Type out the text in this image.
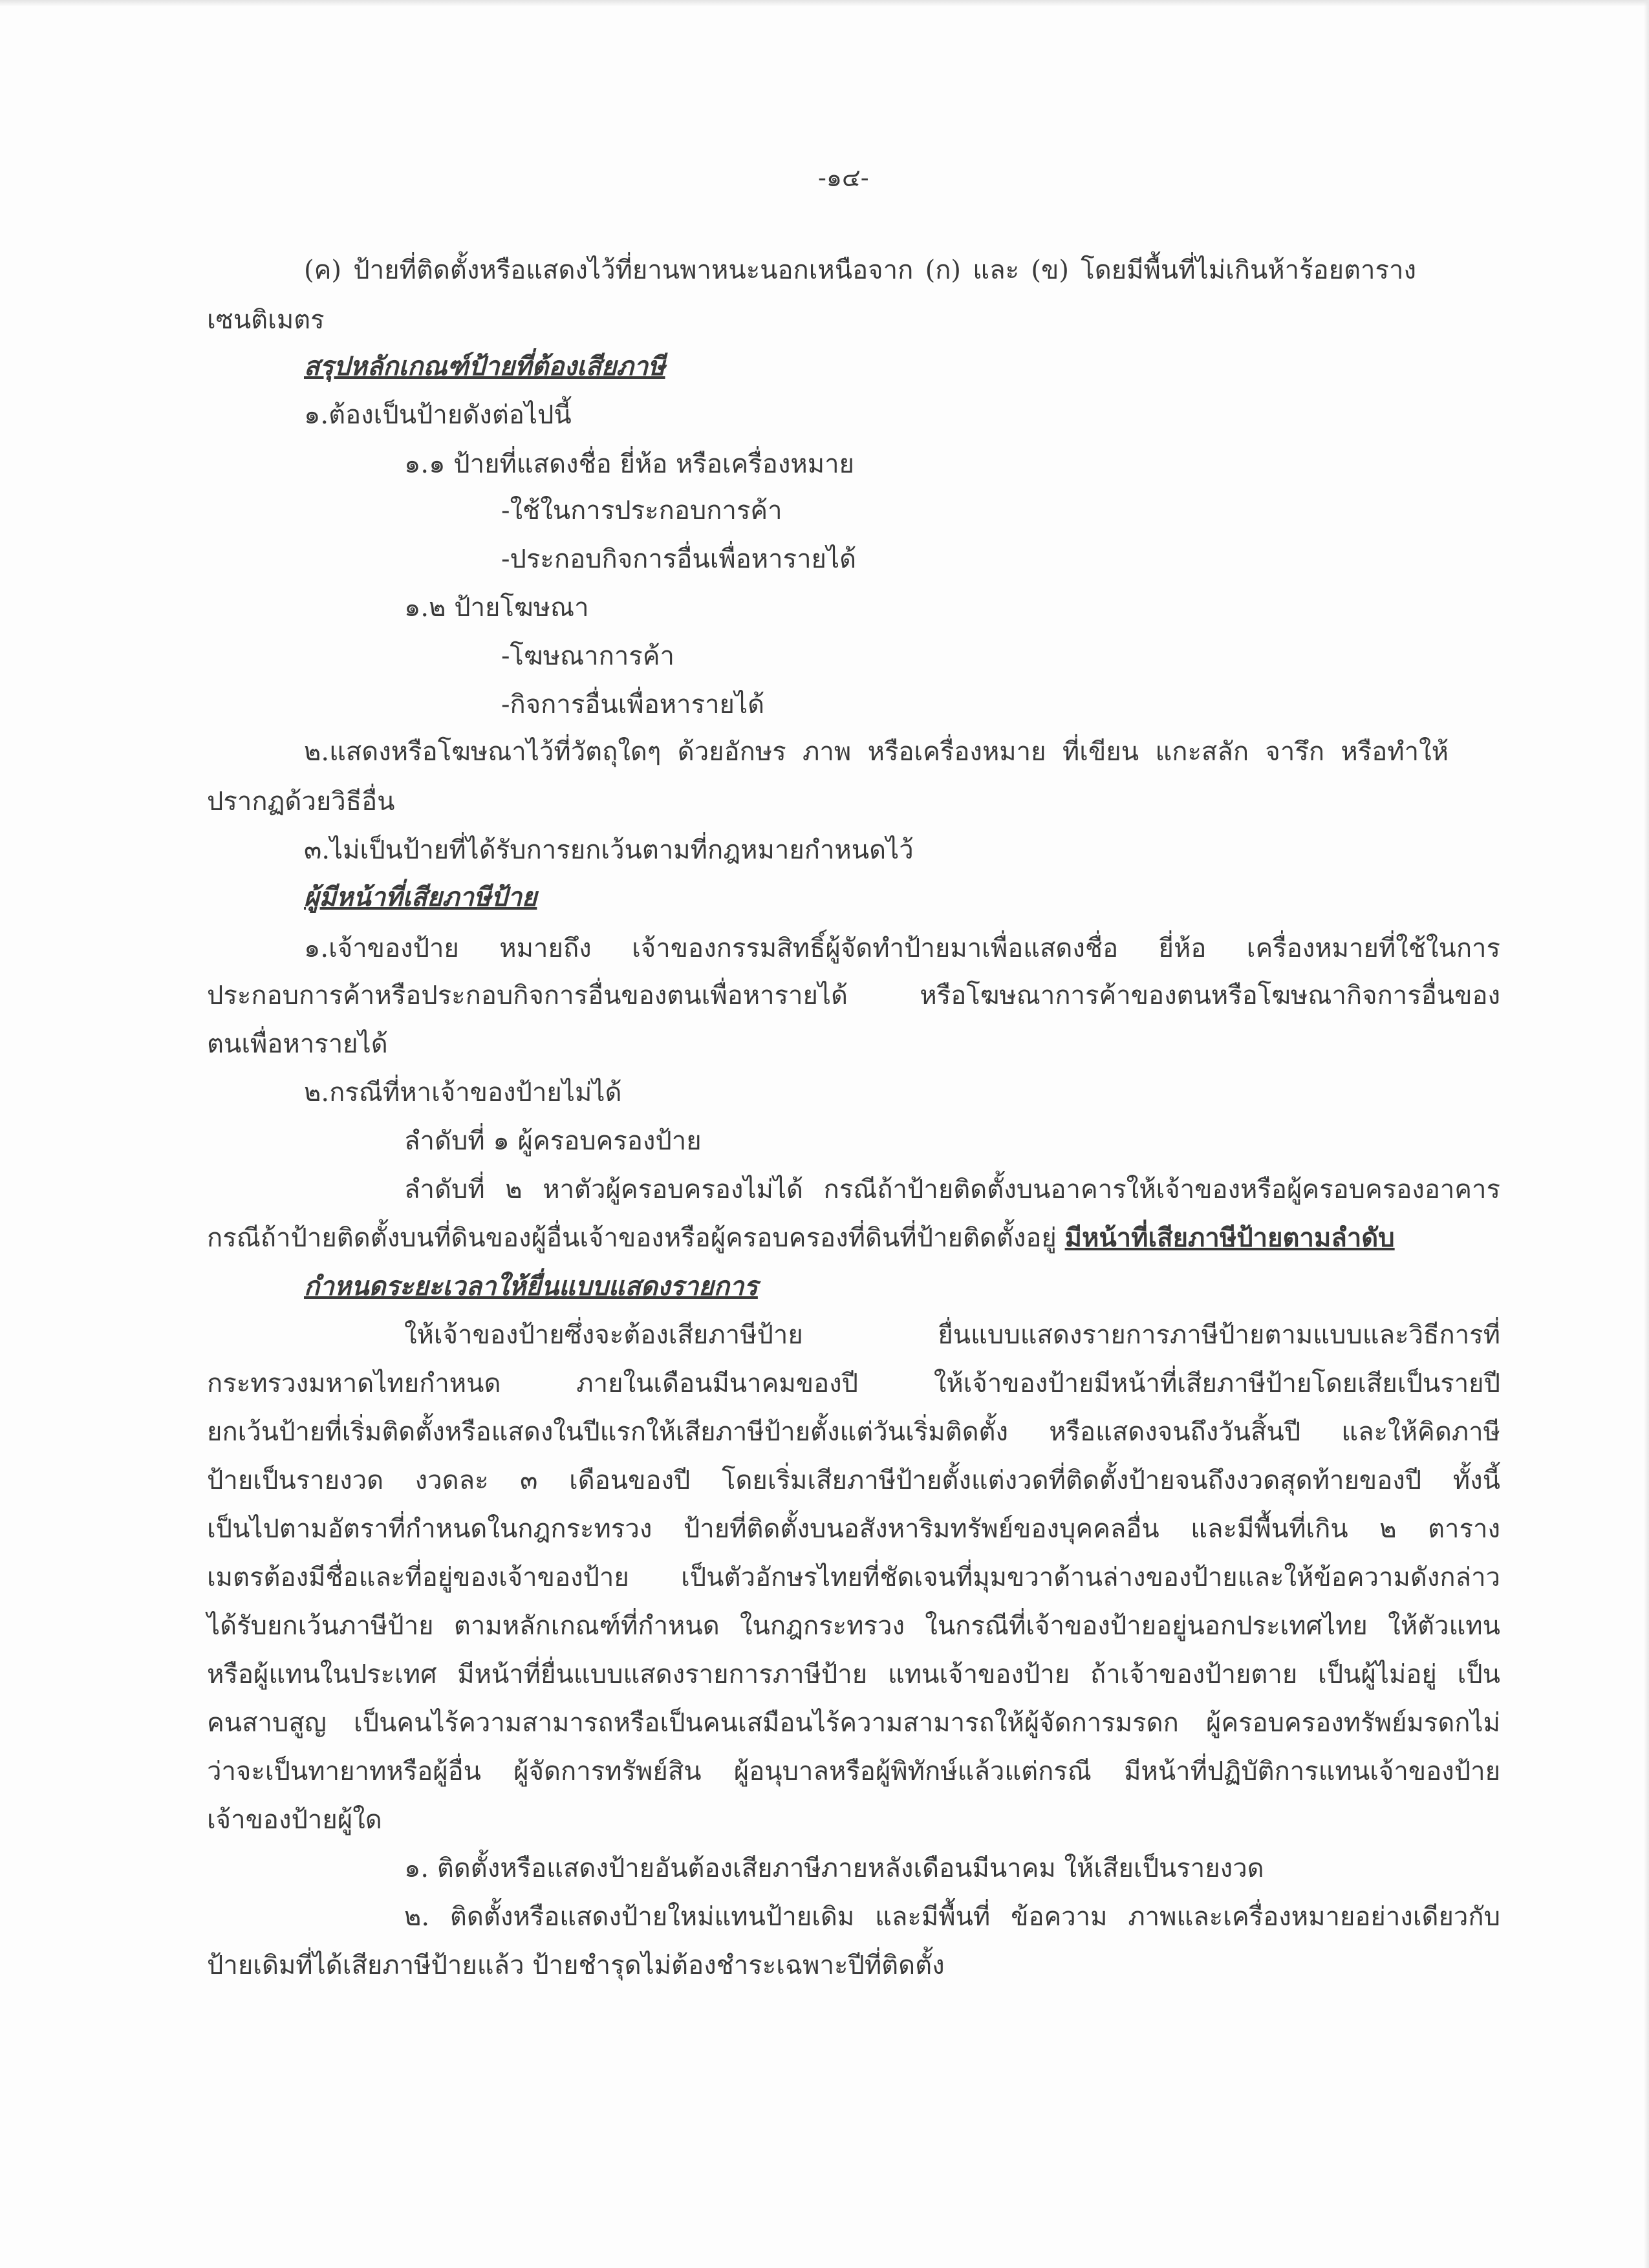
-๑๔-
(ค) ป้ายที่ติดตั้งหรือแสดงไว้ที่ยานพาหนะนอกเหนือจาก (ก) และ (ข) โดยมีพื้นที่ไม่เกินห้าร้อยตาราง
เซนติเมตร
สรุปหลักเกณฑ์ป้ายที่ต้องเสียภาษี
๑.ต้องเป็นป้ายดังต่อไปนี้
๑.๑ ป้ายที่แสดงชื่อ ยี่ห้อ หรือเครื่องหมาย
-ใช้ในการประกอบการค้า
-ประกอบกิจการอื่นเพื่อหารายได้
๑.๒ ป้ายโฆษณา
-โฆษณาการค้า
-กิจการอื่นเพื่อหารายได้
๒.แสดงหรือโฆษณาไว้ที่วัตถุใดๆ ด้วยอักษร ภาพ หรือเครื่องหมาย ที่เขียน แกะสลัก จารึก หรือทำให้
ปรากฏด้วยวิธีอื่น
๓.ไม่เป็นป้ายที่ได้รับการยกเว้นตามที่กฎหมายกำหนดไว้
ผู้มีหน้าที่เสียภาษีป้าย
๑.เจ้าของป้าย หมายถึง เจ้าของกรรมสิทธิ์ผู้จัดทำป้ายมาเพื่อแสดงชื่อ ยี่ห้อ เครื่องหมายที่ใช้ในการ
ประกอบการค้าหรือประกอบกิจการอื่นของตนเพื่อหารายได้ หรือโฆษณาการค้าของตนหรือโฆษณากิจการอื่นของ
ตนเพื่อหารายได้
๒.กรณีที่หาเจ้าของป้ายไม่ได้
ลำดับที่ ๑ ผู้ครอบครองป้าย
ลำดับที่ ๒ หาตัวผู้ครอบครองไม่ได้ กรณีถ้าป้ายติดตั้งบนอาคารให้เจ้าของหรือผู้ครอบครองอาคาร
กรณีถ้าป้ายติดตั้งบนที่ดินของผู้อื่นเจ้าของหรือผู้ครอบครองที่ดินที่ป้ายติดตั้งอยู่ มีหน้าที่เสียภาษีป้ายตามลำดับ
กำหนดระยะเวลาให้ยื่นแบบแสดงรายการ
ให้เจ้าของป้ายซึ่งจะต้องเสียภาษีป้าย ยื่นแบบแสดงรายการภาษีป้ายตามแบบและวิธีการที่
กระทรวงมหาดไทยกำหนด ภายในเดือนมีนาคมของปี ให้เจ้าของป้ายมีหน้าที่เสียภาษีป้ายโดยเสียเป็นรายปี
ยกเว้นป้ายที่เริ่มติดตั้งหรือแสดงในปีแรกให้เสียภาษีป้ายตั้งแต่วันเริ่มติดตั้ง หรือแสดงจนถึงวันสิ้นปี และให้คิดภาษี
ป้ายเป็นรายงวด งวดละ ๓ เดือนของปี โดยเริ่มเสียภาษีป้ายตั้งแต่งวดที่ติดตั้งป้ายจนถึงงวดสุดท้ายของปี ทั้งนี้
เป็นไปตามอัตราที่กำหนดในกฎกระทรวง ป้ายที่ติดตั้งบนอสังหาริมทรัพย์ของบุคคลอื่น และมีพื้นที่เกิน ๒ ตาราง
เมตรต้องมีชื่อและที่อยู่ของเจ้าของป้าย เป็นตัวอักษรไทยที่ชัดเจนที่มุมขวาด้านล่างของป้ายและให้ข้อความดังกล่าว
ได้รับยกเว้นภาษีป้าย ตามหลักเกณฑ์ที่กำหนด ในกฎกระทรวง ในกรณีที่เจ้าของป้ายอยู่นอกประเทศไทย ให้ตัวแทน
หรือผู้แทนในประเทศ มีหน้าที่ยื่นแบบแสดงรายการภาษีป้าย แทนเจ้าของป้าย ถ้าเจ้าของป้ายตาย เป็นผู้ไม่อยู่ เป็น
คนสาบสูญ เป็นคนไร้ความสามารถหรือเป็นคนเสมือนไร้ความสามารถให้ผู้จัดการมรดก ผู้ครอบครองทรัพย์มรดกไม่
ว่าจะเป็นทายาทหรือผู้อื่น ผู้จัดการทรัพย์สิน ผู้อนุบาลหรือผู้พิทักษ์แล้วแต่กรณี มีหน้าที่ปฏิบัติการแทนเจ้าของป้าย
เจ้าของป้ายผู้ใด
๑. ติดตั้งหรือแสดงป้ายอันต้องเสียภาษีภายหลังเดือนมีนาคม ให้เสียเป็นรายงวด
๒. ติดตั้งหรือแสดงป้ายใหม่แทนป้ายเดิม และมีพื้นที่ ข้อความ ภาพและเครื่องหมายอย่างเดียวกับ
ป้ายเดิมที่ได้เสียภาษีป้ายแล้ว ป้ายชำรุดไม่ต้องชำระเฉพาะปีที่ติดตั้ง
